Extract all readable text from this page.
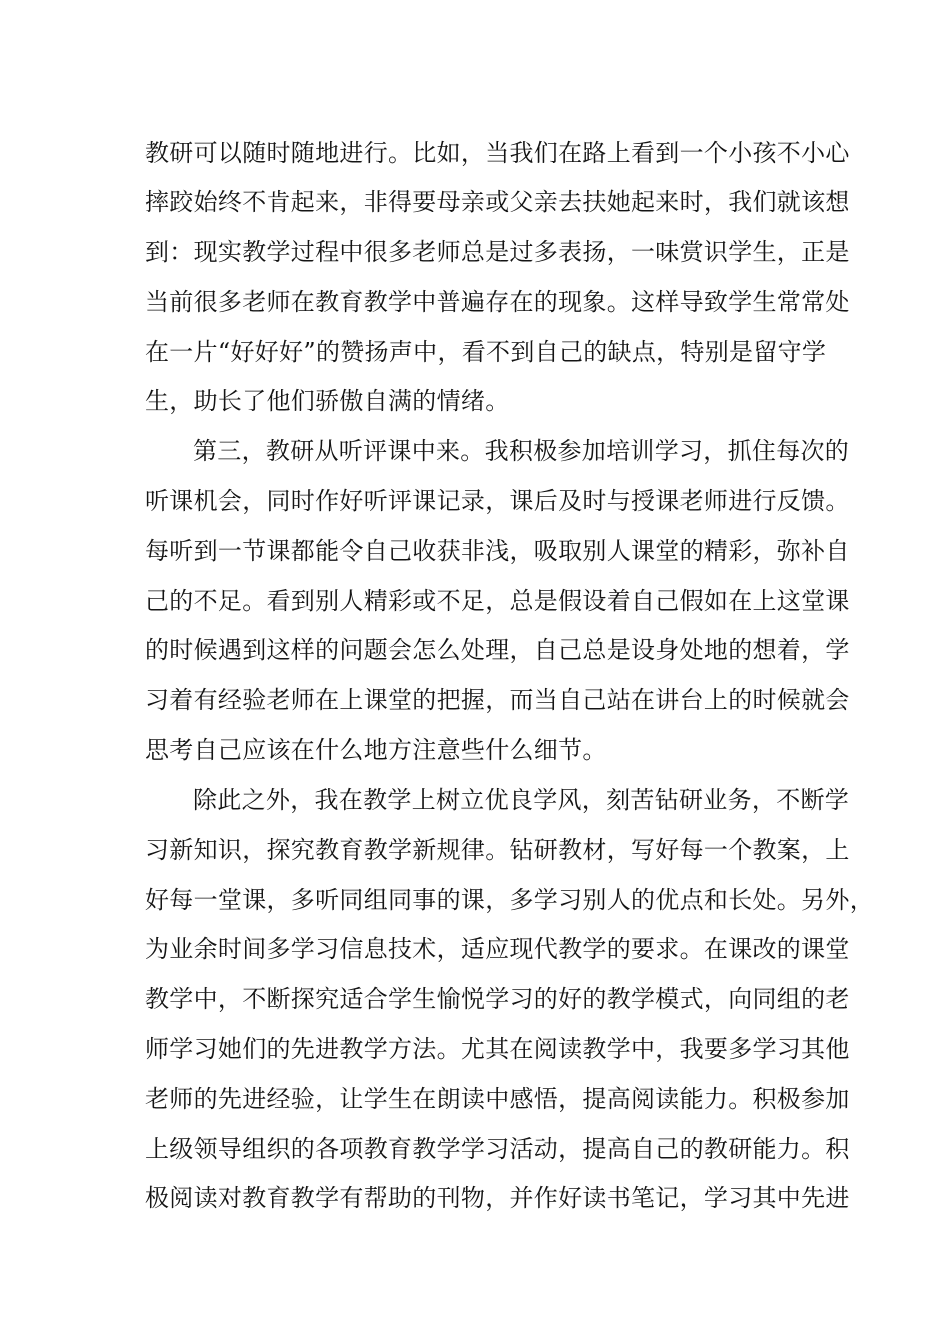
教研可以随时随地进行。比如，当我们在路上看到一个小孩不小心
摔跤始终不肯起来，非得要母亲或父亲去扶她起来时，我们就该想
到：现实教学过程中很多老师总是过多表扬，一味赏识学生，正是
当前很多老师在教育教学中普遍存在的现象。这样导致学生常常处
在一片“好好好”的赞扬声中，看不到自己的缺点，特别是留守学
生，助长了他们骄傲自满的情绪。
第三，教研从听评课中来。我积极参加培训学习，抓住每次的
听课机会，同时作好听评课记录，课后及时与授课老师进行反馈。
每听到一节课都能令自己收获非浅，吸取别人课堂的精彩，弥补自
己的不足。看到别人精彩或不足，总是假设着自己假如在上这堂课
的时候遇到这样的问题会怎么处理，自己总是设身处地的想着，学
习着有经验老师在上课堂的把握，而当自己站在讲台上的时候就会
思考自己应该在什么地方注意些什么细节。
除此之外，我在教学上树立优良学风，刻苦钻研业务，不断学
习新知识，探究教育教学新规律。钻研教材，写好每一个教案，上
好每一堂课，多听同组同事的课，多学习别人的优点和长处。另外，
为业余时间多学习信息技术，适应现代教学的要求。在课改的课堂
教学中，不断探究适合学生愉悦学习的好的教学模式，向同组的老
师学习她们的先进教学方法。尤其在阅读教学中，我要多学习其他
老师的先进经验，让学生在朗读中感悟，提高阅读能力。积极参加
上级领导组织的各项教育教学学习活动，提高自己的教研能力。积
极阅读对教育教学有帮助的刊物，并作好读书笔记，学习其中先进
